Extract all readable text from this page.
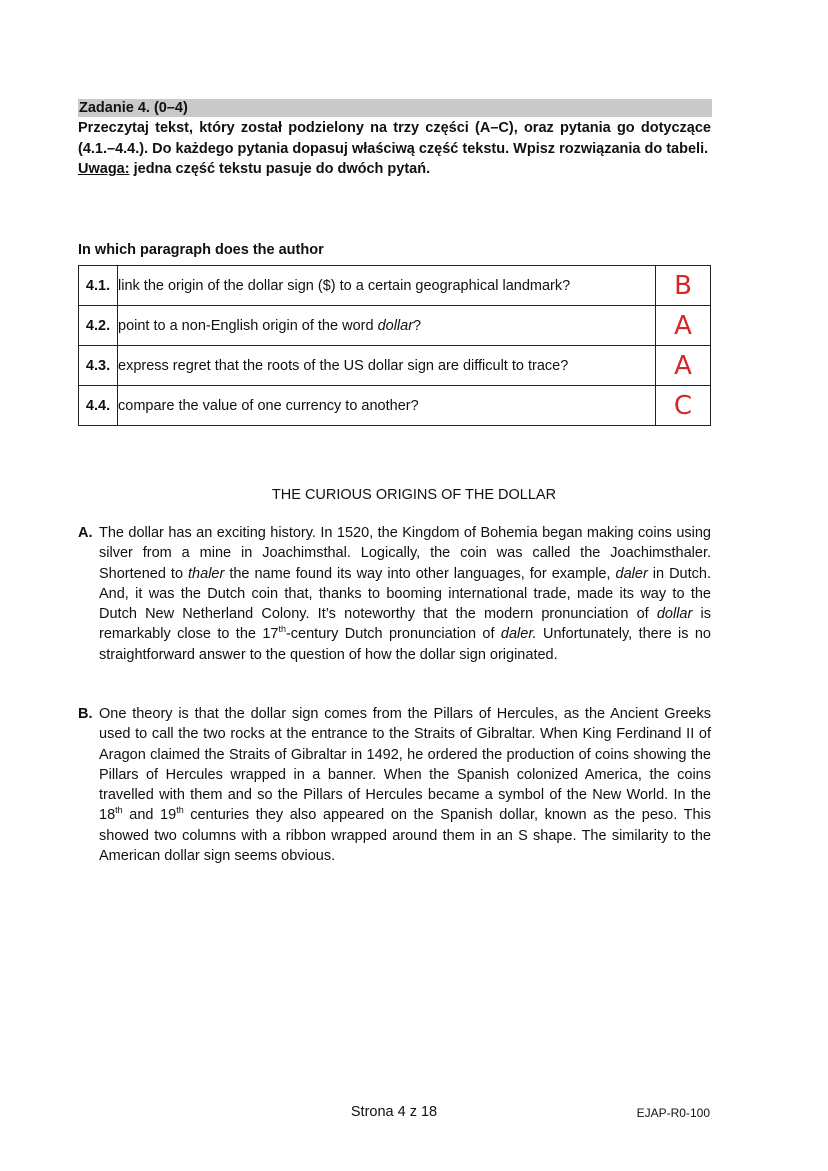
Zadanie 4. (0–4)

Przeczytaj tekst, który został podzielony na trzy części (A–C), oraz pytania go dotyczące (4.1.–4.4.). Do każdego pytania dopasuj właściwą część tekstu. Wpisz rozwiązania do tabeli.

Uwaga: jedna część tekstu pasuje do dwóch pytań.

In which paragraph does the author
4.1.	link the origin of the dollar sign ($) to a certain geographical landmark?	B
4.2.	point to a non-English origin of the word dollar?	A
4.3.	express regret that the roots of the US dollar sign are difficult to trace?	A
4.4.	compare the value of one currency to another?	C
THE CURIOUS ORIGINS OF THE DOLLAR
A. The dollar has an exciting history. In 1520, the Kingdom of Bohemia began making coins using silver from a mine in Joachimsthal. Logically, the coin was called the Joachimsthaler. Shortened to thaler the name found its way into other languages, for example, daler in Dutch. And, it was the Dutch coin that, thanks to booming international trade, made its way to the Dutch New Netherland Colony. It’s noteworthy that the modern pronunciation of dollar is remarkably close to the 17th-century Dutch pronunciation of daler. Unfortunately, there is no straightforward answer to the question of how the dollar sign originated.
B. One theory is that the dollar sign comes from the Pillars of Hercules, as the Ancient Greeks used to call the two rocks at the entrance to the Straits of Gibraltar. When King Ferdinand II of Aragon claimed the Straits of Gibraltar in 1492, he ordered the production of coins showing the Pillars of Hercules wrapped in a banner. When the Spanish colonized America, the coins travelled with them and so the Pillars of Hercules became a symbol of the New World. In the 18th and 19th centuries they also appeared on the Spanish dollar, known as the peso. This showed two columns with a ribbon wrapped around them in an S shape. The similarity to the American dollar sign seems obvious.
Strona 4 z 18	EJAP-R0-100
